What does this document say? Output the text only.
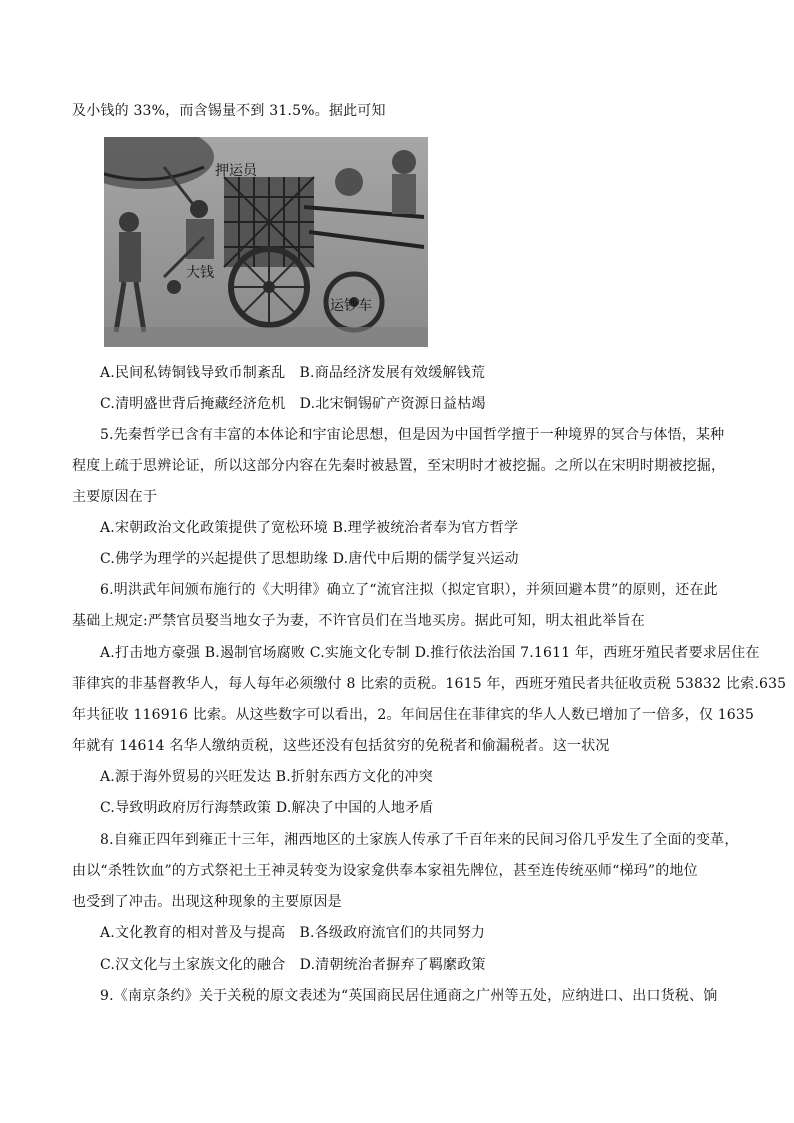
及小钱的 33%，而含锡量不到 31.5%。据此可知
押运员
大钱
运钞车
A.民间私铸铜钱导致币制紊乱　B.商品经济发展有效缓解钱荒
C.清明盛世背后掩藏经济危机　D.北宋铜锡矿产资源日益枯竭
5.先秦哲学已含有丰富的本体论和宇宙论思想，但是因为中国哲学擅于一种境界的冥合与体悟，某种
程度上疏于思辨论证，所以这部分内容在先秦时被悬置，至宋明时才被挖掘。之所以在宋明时期被挖掘，
主要原因在于
A.宋朝政治文化政策提供了宽松环境 B.理学被统治者奉为官方哲学
C.佛学为理学的兴起提供了思想助缘 D.唐代中后期的儒学复兴运动
6.明洪武年间颁布施行的《大明律》确立了“流官注拟（拟定官职），并须回避本贯”的原则，还在此
基础上规定:严禁官员娶当地女子为妻，不许官员们在当地买房。据此可知，明太祖此举旨在
A.打击地方豪强 B.遏制官场腐败 C.实施文化专制 D.推行依法治国 7.1611 年，西班牙殖民者要求居住在
菲律宾的非基督教华人，每人每年必须缴付 8 比索的贡税。1615 年，西班牙殖民者共征收贡税 53832 比索.635
年共征收 116916 比索。从这些数字可以看出，2。年间居住在菲律宾的华人人数已增加了一倍多，仅 1635
年就有 14614 名华人缴纳贡税，这些还没有包括贫穷的免税者和偷漏税者。这一状况
A.源于海外贸易的兴旺发达 B.折射东西方文化的冲突
C.导致明政府厉行海禁政策 D.解决了中国的人地矛盾
8.自雍正四年到雍正十三年，湘西地区的土家族人传承了千百年来的民间习俗几乎发生了全面的变革，
由以“杀牲饮血”的方式祭祀土王神灵转变为设家龛供奉本家祖先牌位，甚至连传统巫师“梯玛”的地位
也受到了冲击。出现这种现象的主要原因是
A.文化教育的相对普及与提高　B.各级政府流官们的共同努力
C.汉文化与土家族文化的融合　D.清朝统治者摒弃了羁縻政策
9.《南京条约》关于关税的原文表述为“英国商民居住通商之广州等五处，应纳进口、出口货税、饷
